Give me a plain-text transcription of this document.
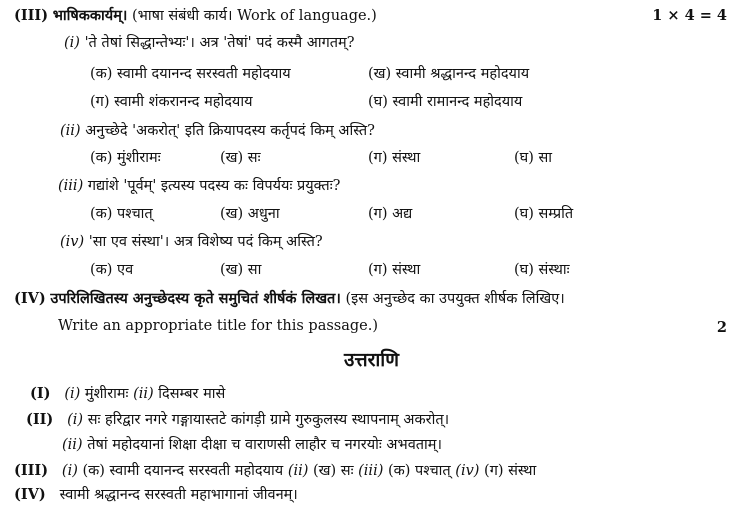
(III) भाषिककार्यम्। (भाषा संबंधी कार्य। Work of language.)	1 × 4 = 4
(i) 'ते तेषां सिद्धान्तेभ्यः'। अत्र 'तेषां' पदं कस्मै आगतम्?
(क) स्वामी दयानन्द सरस्वती महोदयाय	(ख) स्वामी श्रद्धानन्द महोदयाय
(ग) स्वामी शंकरानन्द महोदयाय	(घ) स्वामी रामानन्द महोदयाय
(ii) अनुच्छेदे 'अकरोत्' इति क्रियापदस्य कर्तृपदं किम् अस्ति?
(क) मुंशीरामः	(ख) सः	(ग) संस्था	(घ) सा
(iii) गद्यांशे 'पूर्वम्' इत्यस्य पदस्य कः विपर्ययः प्रयुक्तः?
(क) पश्चात्	(ख) अधुना	(ग) अद्य	(घ) सम्प्रति
(iv) 'सा एव संस्था'। अत्र विशेष्य पदं किम् अस्ति?
(क) एव	(ख) सा	(ग) संस्था	(घ) संस्थाः
(IV) उपरिलिखितस्य अनुच्छेदस्य कृते समुचितं शीर्षकं लिखत। (इस अनुच्छेद का उपयुक्त शीर्षक लिखिए।
Write an appropriate title for this passage.)	2
उत्तराणि
(I) (i) मुंशीरामः (ii) दिसम्बर मासे
(II) (i) सः हरिद्वार नगरे गङ्गायास्तटे कांगड़ी ग्रामे गुरुकुलस्य स्थापनाम् अकरोत्।
(ii) तेषां महोदयानां शिक्षा दीक्षा च वाराणसी लाहौर च नगरयोः अभवताम्।
(III) (i) (क) स्वामी दयानन्द सरस्वती महोदयाय (ii) (ख) सः (iii) (क) पश्चात् (iv) (ग) संस्था
(IV) स्वामी श्रद्धानन्द सरस्वती महाभागानां जीवनम्।
